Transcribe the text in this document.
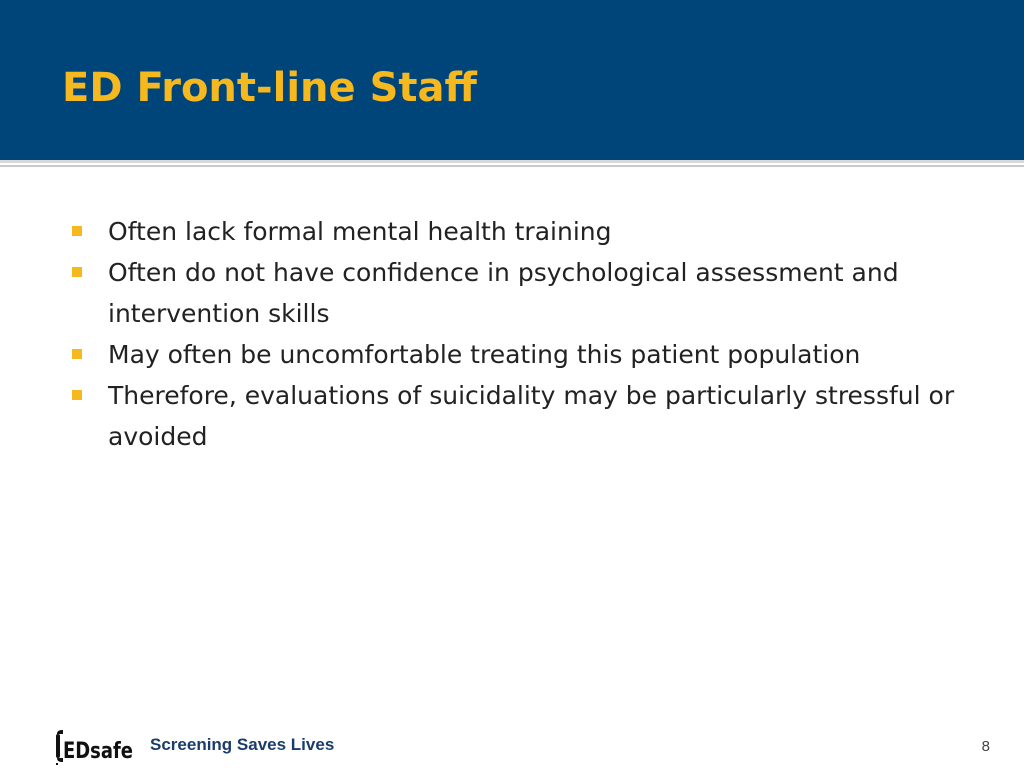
ED Front-line Staff
Often lack formal mental health training
Often do not have confidence in psychological assessment and intervention skills
May often be uncomfortable treating this patient population
Therefore, evaluations of suicidality may be particularly stressful or avoided
EDsafe Screening Saves Lives	8
